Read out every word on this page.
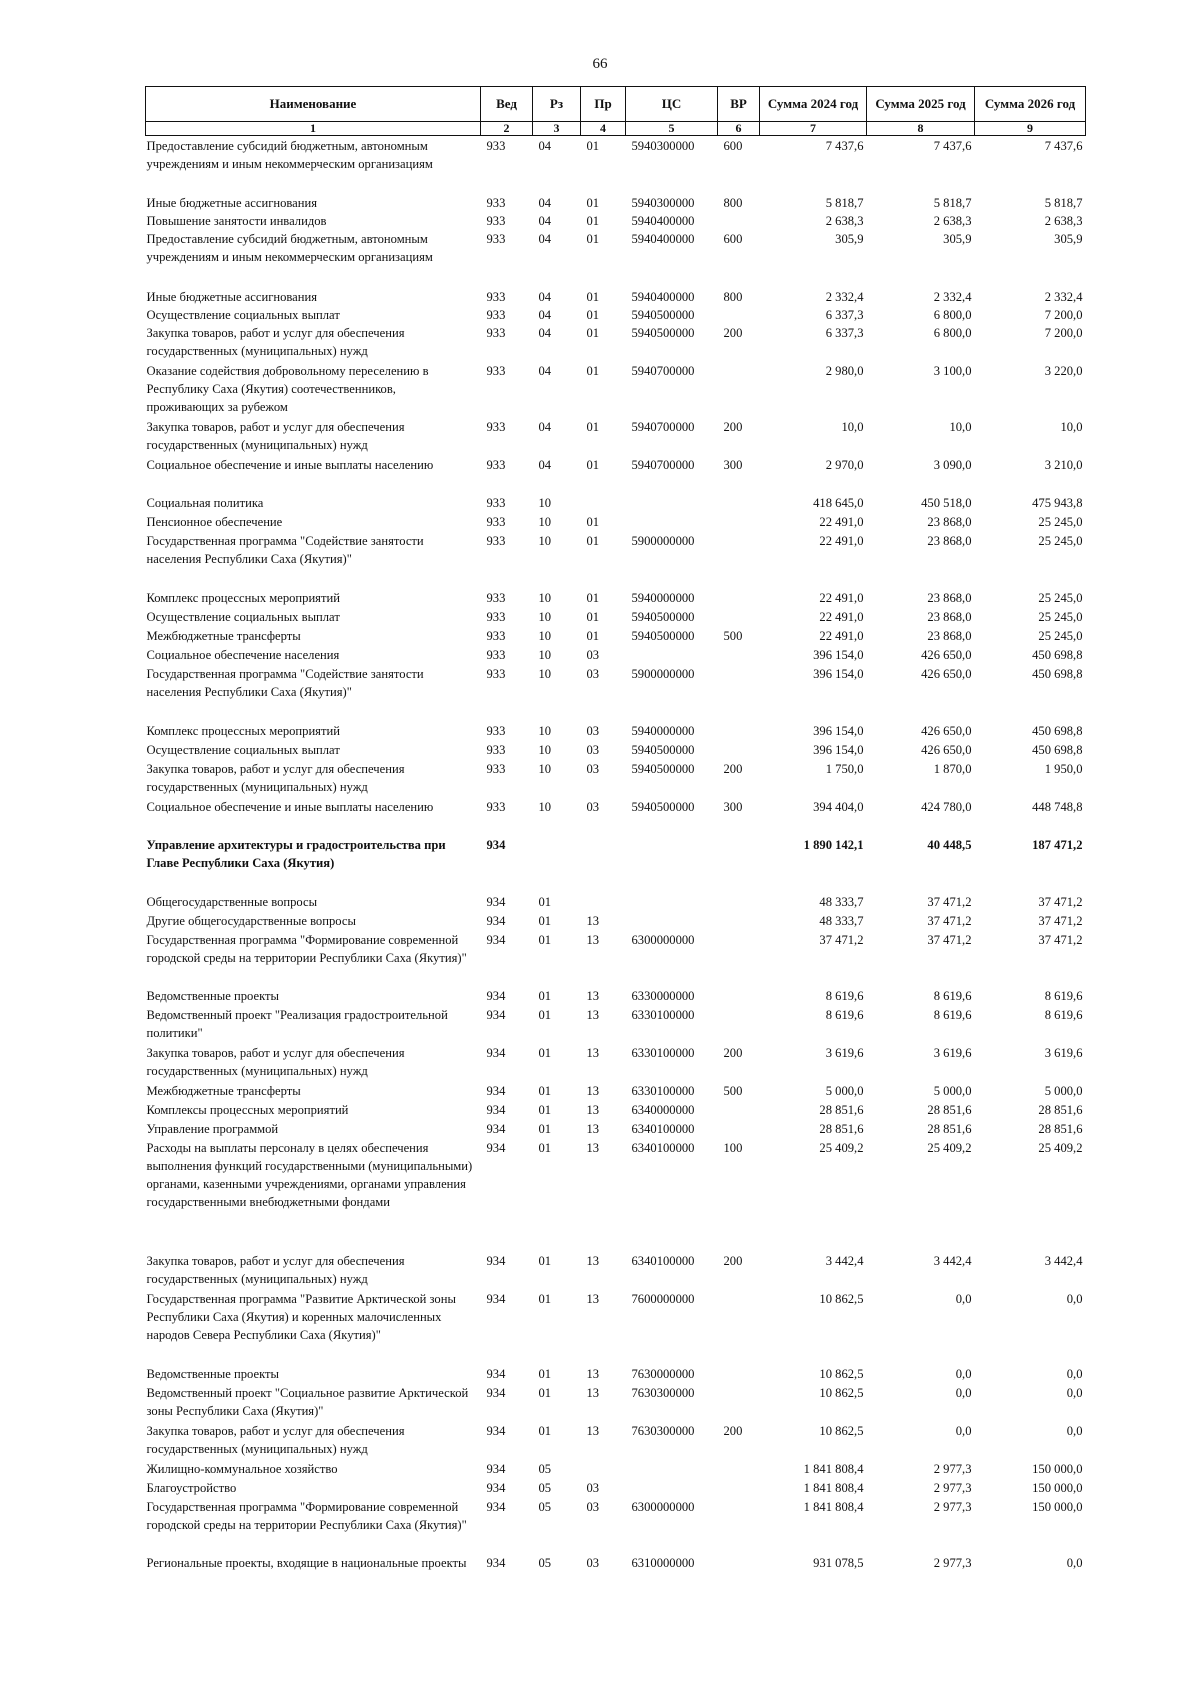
66
Наименование	Вед	Рз	Пр	ЦС	ВР	Сумма 2024 год	Сумма 2025 год	Сумма 2026 год
1	2	3	4	5	6	7	8	9
Предоставление субсидий бюджетным, автономным учреждениям и иным некоммерческим организациям	933	04	01	5940300000	600	7 437,6	7 437,6	7 437,6
Иные бюджетные ассигнования	933	04	01	5940300000	800	5 818,7	5 818,7	5 818,7
Повышение занятости инвалидов	933	04	01	5940400000		2 638,3	2 638,3	2 638,3
Предоставление субсидий бюджетным, автономным учреждениям и иным некоммерческим организациям	933	04	01	5940400000	600	305,9	305,9	305,9
Иные бюджетные ассигнования	933	04	01	5940400000	800	2 332,4	2 332,4	2 332,4
Осуществление социальных выплат	933	04	01	5940500000		6 337,3	6 800,0	7 200,0
Закупка товаров, работ и услуг для обеспечения государственных (муниципальных) нужд	933	04	01	5940500000	200	6 337,3	6 800,0	7 200,0
Оказание содействия добровольному переселению в Республику Саха (Якутия) соотечественников, проживающих за рубежом	933	04	01	5940700000		2 980,0	3 100,0	3 220,0
Закупка товаров, работ и услуг для обеспечения государственных (муниципальных) нужд	933	04	01	5940700000	200	10,0	10,0	10,0
Социальное обеспечение и иные выплаты населению	933	04	01	5940700000	300	2 970,0	3 090,0	3 210,0
Социальная политика	933	10				418 645,0	450 518,0	475 943,8
Пенсионное обеспечение	933	10	01			22 491,0	23 868,0	25 245,0
Государственная программа "Содействие занятости населения Республики Саха (Якутия)"	933	10	01	5900000000		22 491,0	23 868,0	25 245,0
Комплекс процессных мероприятий	933	10	01	5940000000		22 491,0	23 868,0	25 245,0
Осуществление социальных выплат	933	10	01	5940500000		22 491,0	23 868,0	25 245,0
Межбюджетные трансферты	933	10	01	5940500000	500	22 491,0	23 868,0	25 245,0
Социальное обеспечение населения	933	10	03			396 154,0	426 650,0	450 698,8
Государственная программа "Содействие занятости населения Республики Саха (Якутия)"	933	10	03	5900000000		396 154,0	426 650,0	450 698,8
Комплекс процессных мероприятий	933	10	03	5940000000		396 154,0	426 650,0	450 698,8
Осуществление социальных выплат	933	10	03	5940500000		396 154,0	426 650,0	450 698,8
Закупка товаров, работ и услуг для обеспечения государственных (муниципальных) нужд	933	10	03	5940500000	200	1 750,0	1 870,0	1 950,0
Социальное обеспечение и иные выплаты населению	933	10	03	5940500000	300	394 404,0	424 780,0	448 748,8
Управление архитектуры и градостроительства при Главе Республики Саха (Якутия)	934					1 890 142,1	40 448,5	187 471,2
Общегосударственные вопросы	934	01				48 333,7	37 471,2	37 471,2
Другие общегосударственные вопросы	934	01	13			48 333,7	37 471,2	37 471,2
Государственная программа "Формирование современной городской среды на территории Республики Саха (Якутия)"	934	01	13	6300000000		37 471,2	37 471,2	37 471,2
Ведомственные проекты	934	01	13	6330000000		8 619,6	8 619,6	8 619,6
Ведомственный проект "Реализация градостроительной политики"	934	01	13	6330100000		8 619,6	8 619,6	8 619,6
Закупка товаров, работ и услуг для обеспечения государственных (муниципальных) нужд	934	01	13	6330100000	200	3 619,6	3 619,6	3 619,6
Межбюджетные трансферты	934	01	13	6330100000	500	5 000,0	5 000,0	5 000,0
Комплексы процессных мероприятий	934	01	13	6340000000		28 851,6	28 851,6	28 851,6
Управление программой	934	01	13	6340100000		28 851,6	28 851,6	28 851,6
Расходы на выплаты персоналу в целях обеспечения выполнения функций государственными (муниципальными) органами, казенными учреждениями, органами управления государственными внебюджетными фондами	934	01	13	6340100000	100	25 409,2	25 409,2	25 409,2
Закупка товаров, работ и услуг для обеспечения государственных (муниципальных) нужд	934	01	13	6340100000	200	3 442,4	3 442,4	3 442,4
Государственная программа "Развитие Арктической зоны Республики Саха (Якутия) и коренных малочисленных народов Севера Республики Саха (Якутия)"	934	01	13	7600000000		10 862,5	0,0	0,0
Ведомственные проекты	934	01	13	7630000000		10 862,5	0,0	0,0
Ведомственный проект "Социальное развитие Арктической зоны Республики Саха (Якутия)"	934	01	13	7630300000		10 862,5	0,0	0,0
Закупка товаров, работ и услуг для обеспечения государственных (муниципальных) нужд	934	01	13	7630300000	200	10 862,5	0,0	0,0
Жилищно-коммунальное хозяйство	934	05				1 841 808,4	2 977,3	150 000,0
Благоустройство	934	05	03			1 841 808,4	2 977,3	150 000,0
Государственная программа "Формирование современной городской среды на территории Республики Саха (Якутия)"	934	05	03	6300000000		1 841 808,4	2 977,3	150 000,0
Региональные проекты, входящие в национальные проекты	934	05	03	6310000000		931 078,5	2 977,3	0,0
